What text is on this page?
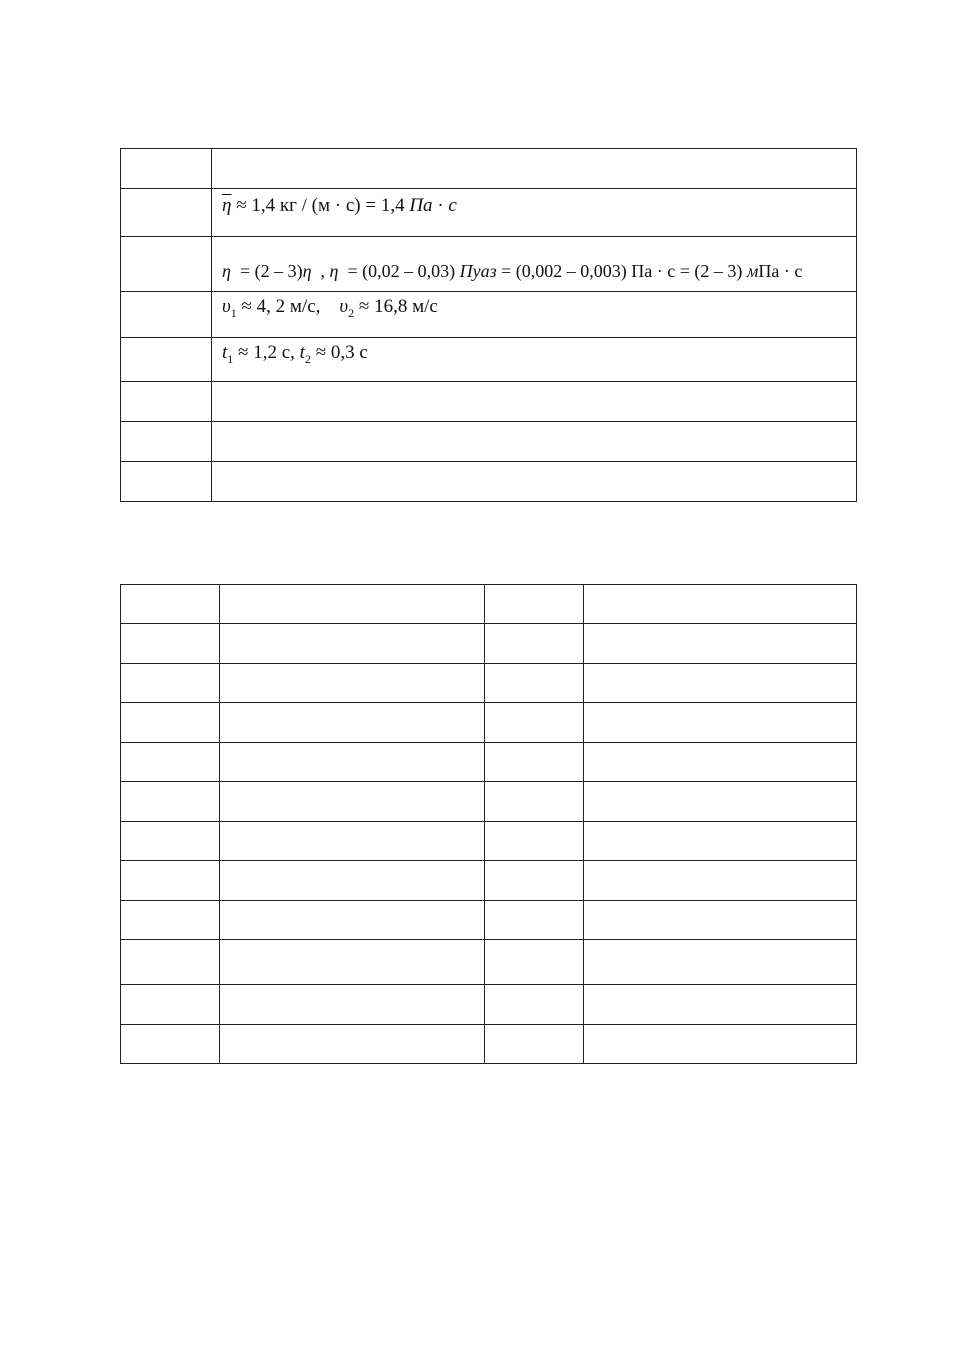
	$\overline{\eta} \approx 1,4$ кг / (м · с) = 1,4 Па · с

	η  = (2 – 3)η  , η  = (0,02 – 0,03) Пуаз = (0,002 – 0,003) Па · с = (2 – 3) мПа · с

	$\upsilon_1 \approx 4$, 2 м/с,    $\upsilon_2 \approx 16,8$ м/с

	$t_1 \approx 1,2$ с, $t_2 \approx 0,3$ с
